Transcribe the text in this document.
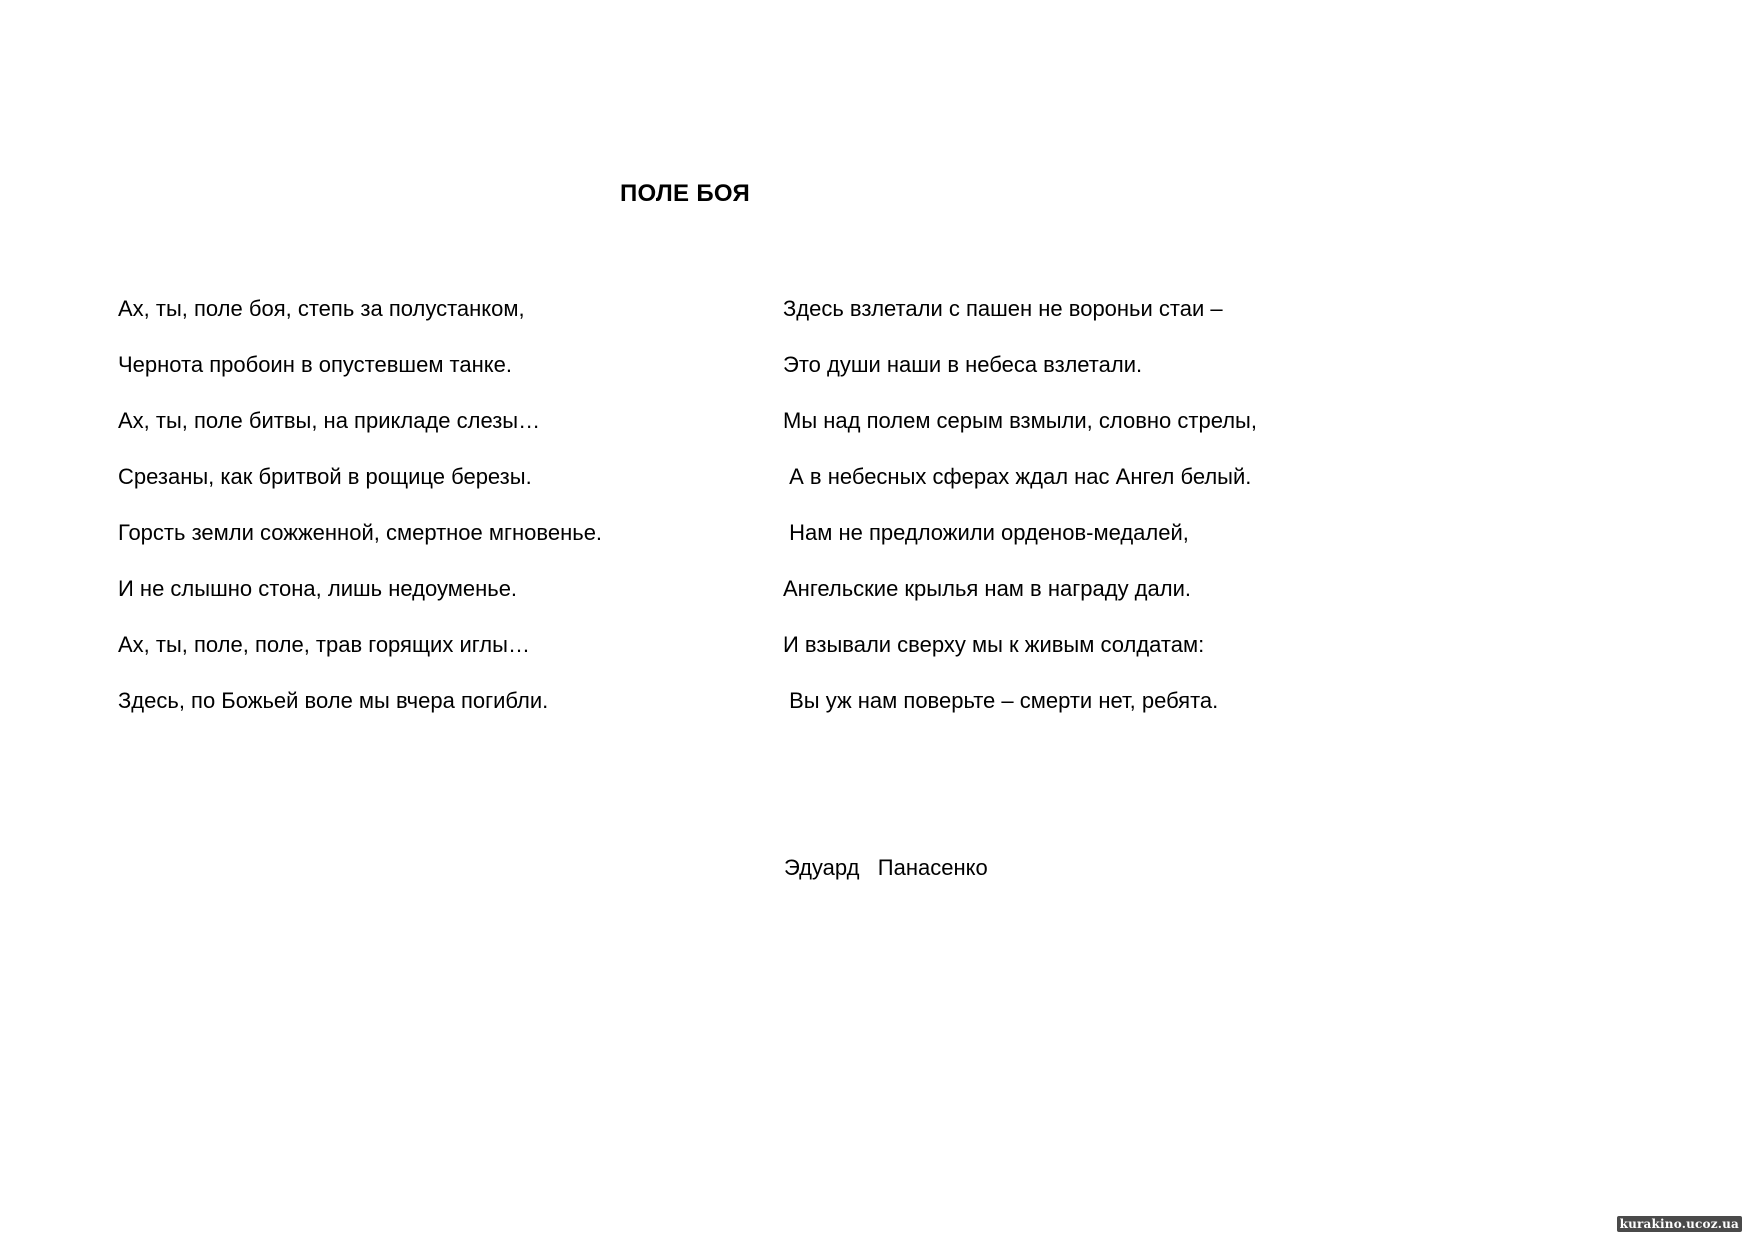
ПОЛЕ БОЯ
Ах, ты, поле боя, степь за полустанком,
Чернота пробоин в опустевшем танке.
Ах, ты, поле битвы, на прикладе слезы…
Срезаны, как бритвой в рощице березы.
Горсть земли сожженной, смертное мгновенье.
И не слышно стона, лишь недоуменье.
Ах, ты, поле, поле, трав горящих иглы…
Здесь, по Божьей воле мы вчера погибли.
Здесь взлетали с пашен не вороньи стаи –
Это души наши в небеса взлетали.
Мы над полем серым взмыли, словно стрелы,
А в небесных сферах ждал нас Ангел белый.
Нам не предложили орденов-медалей,
Ангельские крылья нам в награду дали.
И взывали сверху мы к живым солдатам:
Вы уж нам поверьте – смерти нет, ребята.
Эдуард   Панасенко
kurakino.ucoz.ua
